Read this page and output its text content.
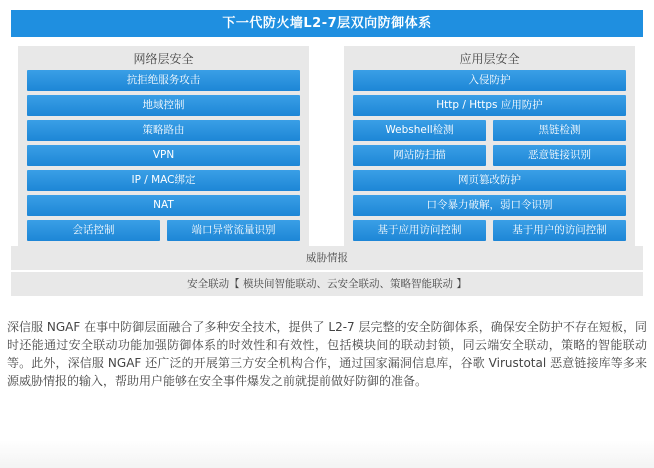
下一代防火墙L2-7层双向防御体系
网络层安全
抗拒绝服务攻击
地域控制
策略路由
VPN
IP / MAC绑定
NAT
会话控制	端口异常流量识别
应用层安全
入侵防护
Http / Https 应用防护
Webshell检测	黑链检测
网站防扫描	恶意链接识别
网页篡改防护
口令暴力破解，弱口令识别
基于应用访问控制	基于用户的访问控制
威胁情报
安全联动【 模块间智能联动、云安全联动、策略智能联动 】
深信服 NGAF 在事中防御层面融合了多种安全技术，提供了 L2-7 层完整的安全防御体系，确保安全防护不存在短板，同时还能通过安全联动功能加强防御体系的时效性和有效性，包括模块间的联动封锁，同云端安全联动，策略的智能联动等。此外，深信服 NGAF 还广泛的开展第三方安全机构合作，通过国家漏洞信息库，谷歌 Virustotal 恶意链接库等多来源威胁情报的输入，帮助用户能够在安全事件爆发之前就提前做好防御的准备。
